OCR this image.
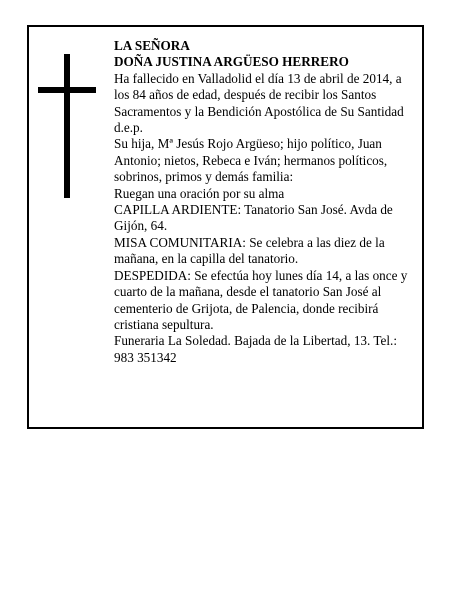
LA SEÑORA

DOÑA JUSTINA ARGÜESO HERRERO

Ha fallecido en Valladolid el día 13 de abril de 2014, a los 84 años de edad, después de recibir los Santos Sacramentos y la Bendición Apostólica de Su Santidad d.e.p.

Su hija, Mª Jesús Rojo Argüeso; hijo político, Juan Antonio; nietos, Rebeca e Iván; hermanos políticos, sobrinos, primos y demás familia:

Ruegan una oración por su alma

CAPILLA ARDIENTE: Tanatorio San José. Avda de Gijón, 64.

MISA COMUNITARIA: Se celebra a las diez de la mañana, en la capilla del tanatorio.

DESPEDIDA: Se efectúa hoy lunes día 14, a las once y cuarto de la mañana, desde el tanatorio San José al cementerio de Grijota, de Palencia, donde recibirá cristiana sepultura.

Funeraria La Soledad. Bajada de la Libertad, 13. Tel.: 983 351342
